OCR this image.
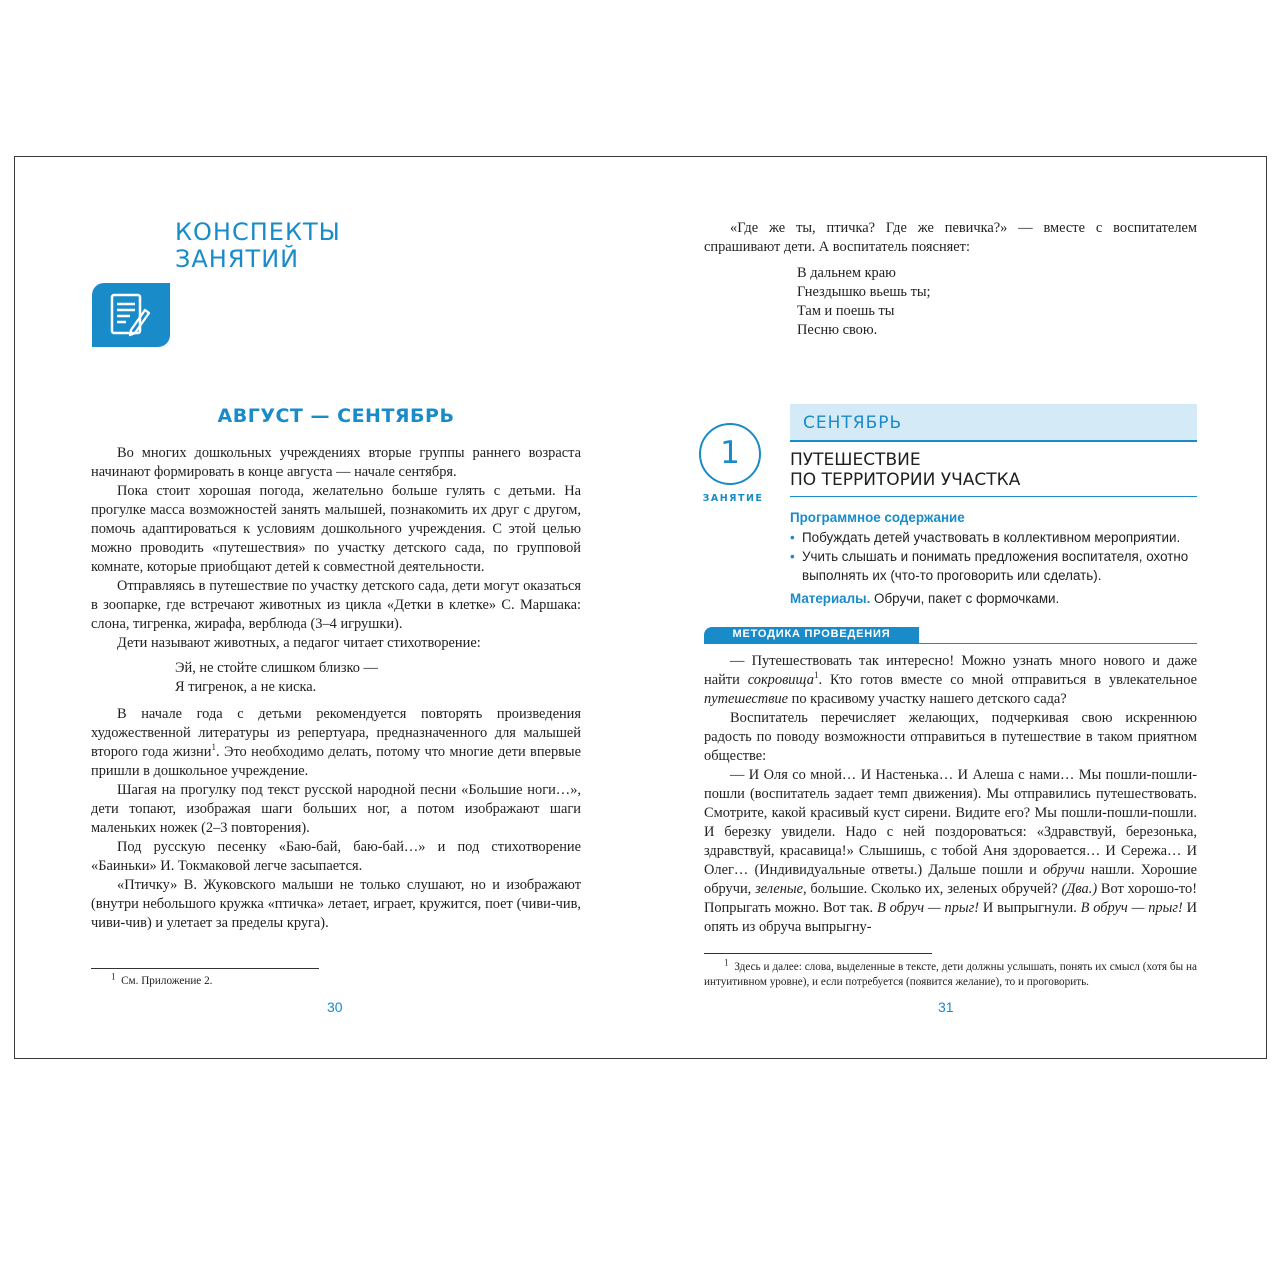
КОНСПЕКТЫ
ЗАНЯТИЙ
АВГУСТ — СЕНТЯБРЬ

Во многих дошкольных учреждениях вторые группы раннего возраста начинают формировать в конце августа — начале сентября.

Пока стоит хорошая погода, желательно больше гулять с детьми. На прогулке масса возможностей занять малышей, познакомить их друг с другом, помочь адаптироваться к условиям дошкольного учреждения. С этой целью можно проводить «путешествия» по участку детского сада, по групповой комнате, которые приобщают детей к совместной деятельности.

Отправляясь в путешествие по участку детского сада, дети могут оказаться в зоопарке, где встречают животных из цикла «Детки в клетке» С. Маршака: слона, тигренка, жирафа, верблюда (3–4 игрушки).

Дети называют животных, а педагог читает стихотворение:

Эй, не стойте слишком близко —
Я тигренок, а не киска.

В начале года с детьми рекомендуется повторять произведения художественной литературы из репертуара, предназначенного для малышей второго года жизни$^1$. Это необходимо делать, потому что многие дети впервые пришли в дошкольное учреждение.

Шагая на прогулку под текст русской народной песни «Большие ноги…», дети топают, изображая шаги больших ног, а потом изображают шаги маленьких ножек (2–3 повторения).

Под русскую песенку «Баю-бай, баю-бай…» и под стихотворение «Баиньки» И. Токмаковой легче засыпается.

«Птичку» В. Жуковского малыши не только слушают, но и изображают (внутри небольшого кружка «птичка» летает, играет, кружится, поет (чиви-чив, чиви-чив) и улетает за пределы круга).

$^1$ См. Приложение 2.
30

«Где же ты, птичка? Где же певичка?» — вместе с воспитателем спрашивают дети. А воспитатель поясняет:

В дальнем краю
Гнездышко вьешь ты;
Там и поешь ты
Песню свою.
СЕНТЯБРЬ
1
ЗАНЯТИЕ
ПУТЕШЕСТВИЕ
ПО ТЕРРИТОРИИ УЧАСТКА
Программное содержание
• Побуждать детей участвовать в коллективном мероприятии.
• Учить слышать и понимать предложения воспитателя, охотно выполнять их (что-то проговорить или сделать).
Материалы. Обручи, пакет с формочками.
МЕТОДИКА ПРОВЕДЕНИЯ

— Путешествовать так интересно! Можно узнать много нового и даже найти сокровища$^1$. Кто готов вместе со мной отправиться в увлекательное путешествие по красивому участку нашего детского сада?

Воспитатель перечисляет желающих, подчеркивая свою искреннюю радость по поводу возможности отправиться в путешествие в таком приятном обществе:

— И Оля со мной… И Настенька… И Алеша с нами… Мы пошли-пошли-пошли (воспитатель задает темп движения). Мы отправились путешествовать. Смотрите, какой красивый куст сирени. Видите его? Мы пошли-пошли-пошли. И березку увидели. Надо с ней поздороваться: «Здравствуй, березонька, здравствуй, красавица!» Слышишь, с тобой Аня здоровается… И Сережа… И Олег… (Индивидуальные ответы.) Дальше пошли и обручи нашли. Хорошие обручи, зеленые, большие. Сколько их, зеленых обручей? (Два.) Вот хорошо-то! Попрыгать можно. Вот так. В обруч — прыг! И выпрыгнули. В обруч — прыг! И опять из обруча выпрыгну-

$^1$ Здесь и далее: слова, выделенные в тексте, дети должны услышать, понять их смысл (хотя бы на интуитивном уровне), и если потребуется (появится желание), то и проговорить.
31
